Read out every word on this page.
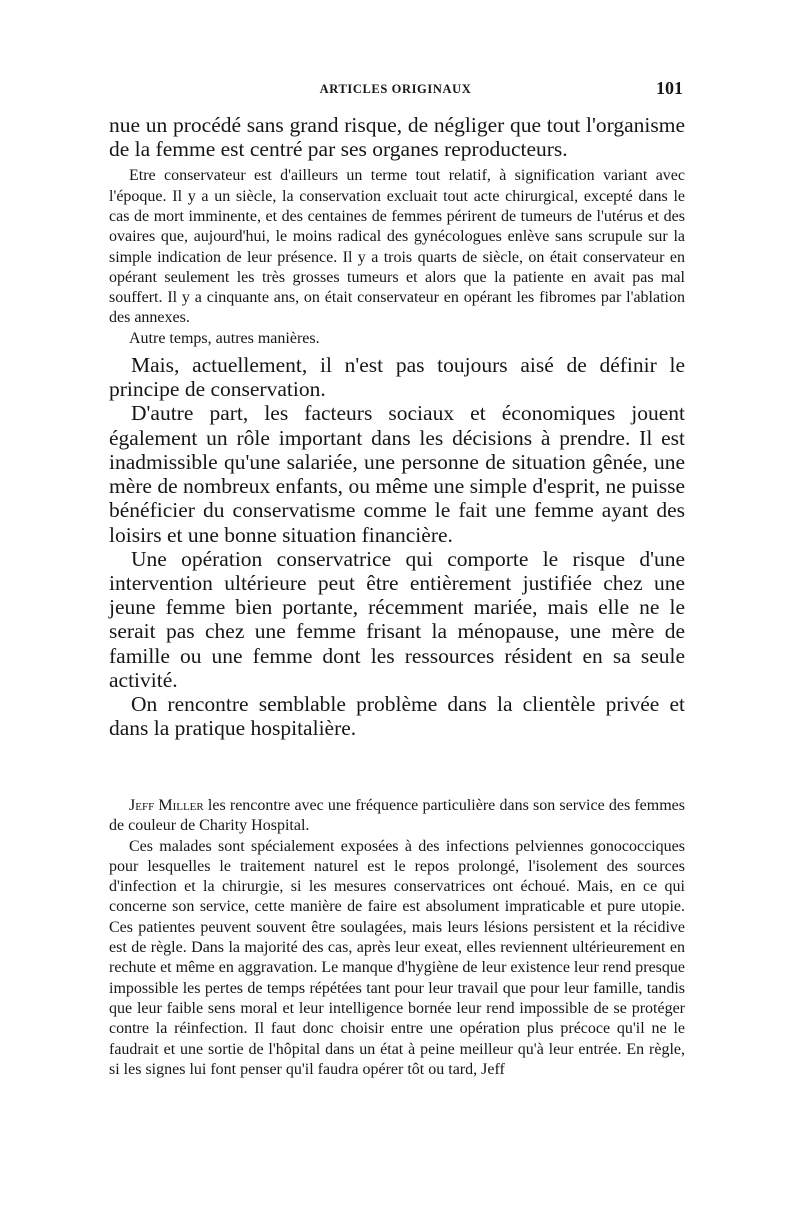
ARTICLES ORIGINAUX	101

nue un procédé sans grand risque, de négliger que tout l'organisme de la femme est centré par ses organes reproducteurs.

Etre conservateur est d'ailleurs un terme tout relatif, à signification variant avec l'époque. Il y a un siècle, la conservation excluait tout acte chirurgical, excepté dans le cas de mort imminente, et des centaines de femmes périrent de tumeurs de l'utérus et des ovaires que, aujourd'hui, le moins radical des gynécologues enlève sans scrupule sur la simple indication de leur présence. Il y a trois quarts de siècle, on était conservateur en opérant seulement les très grosses tumeurs et alors que la patiente en avait pas mal souffert. Il y a cinquante ans, on était conservateur en opérant les fibromes par l'ablation des annexes.

Autre temps, autres manières.

Mais, actuellement, il n'est pas toujours aisé de définir le principe de conservation.

D'autre part, les facteurs sociaux et économiques jouent également un rôle important dans les décisions à prendre. Il est inadmissible qu'une salariée, une personne de situation gênée, une mère de nombreux enfants, ou même une simple d'esprit, ne puisse bénéficier du conservatisme comme le fait une femme ayant des loisirs et une bonne situation financière.

Une opération conservatrice qui comporte le risque d'une intervention ultérieure peut être entièrement justifiée chez une jeune femme bien portante, récemment mariée, mais elle ne le serait pas chez une femme frisant la ménopause, une mère de famille ou une femme dont les ressources résident en sa seule activité.

On rencontre semblable problème dans la clientèle privée et dans la pratique hospitalière.

Jeff Miller les rencontre avec une fréquence particulière dans son service des femmes de couleur de Charity Hospital.

Ces malades sont spécialement exposées à des infections pelviennes gonococciques pour lesquelles le traitement naturel est le repos prolongé, l'isolement des sources d'infection et la chirurgie, si les mesures conservatrices ont échoué. Mais, en ce qui concerne son service, cette manière de faire est absolument impraticable et pure utopie. Ces patientes peuvent souvent être soulagées, mais leurs lésions persistent et la récidive est de règle. Dans la majorité des cas, après leur exeat, elles reviennent ultérieurement en rechute et même en aggravation. Le manque d'hygiène de leur existence leur rend presque impossible les pertes de temps répétées tant pour leur travail que pour leur famille, tandis que leur faible sens moral et leur intelligence bornée leur rend impossible de se protéger contre la réinfection. Il faut donc choisir entre une opération plus précoce qu'il ne le faudrait et une sortie de l'hôpital dans un état à peine meilleur qu'à leur entrée. En règle, si les signes lui font penser qu'il faudra opérer tôt ou tard, Jeff
